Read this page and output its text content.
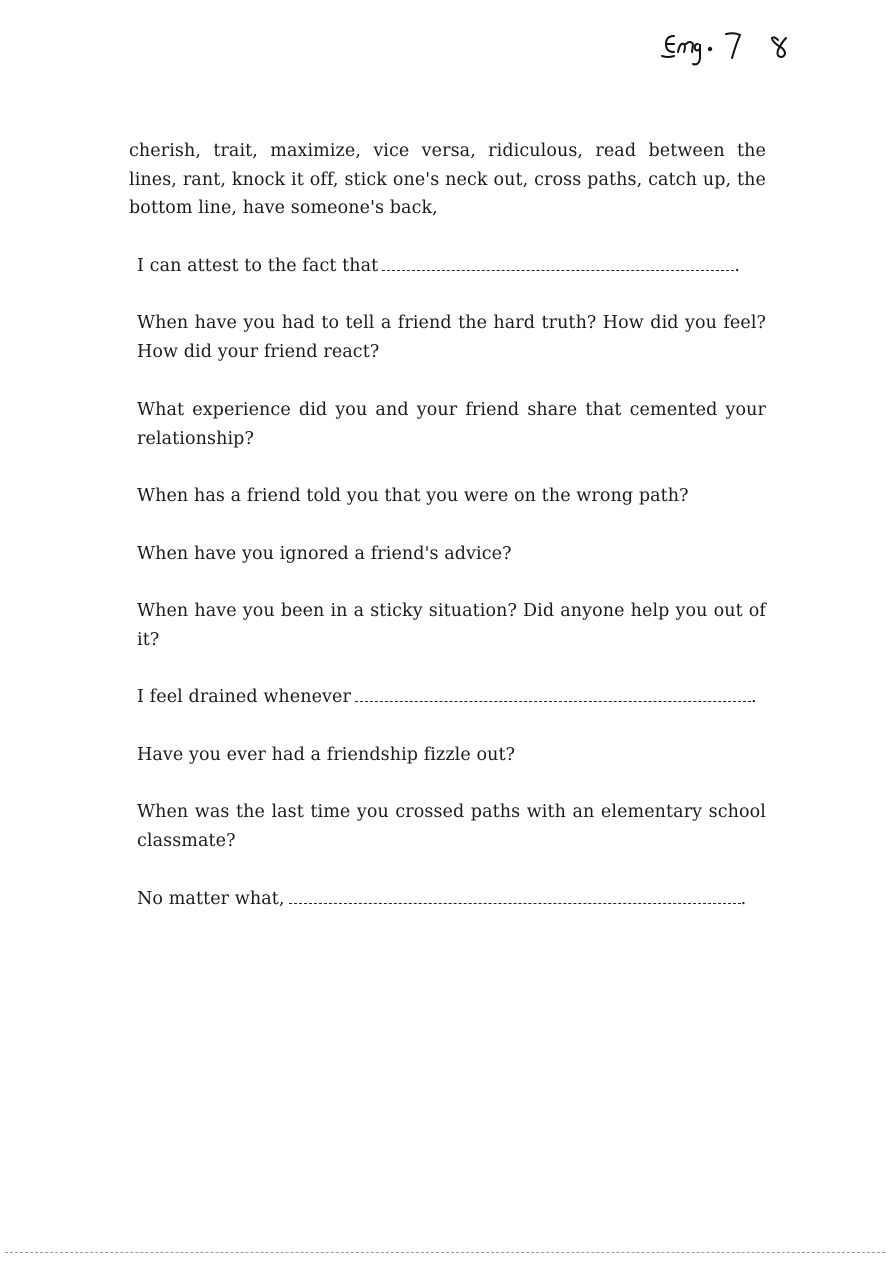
cherish, trait, maximize, vice versa, ridiculous, read between the lines, rant, knock it off, stick one's neck out, cross paths, catch up, the bottom line, have someone's back,
I can attest to the fact that	.
When have you had to tell a friend the hard truth? How did you feel? How did your friend react?
What experience did you and your friend share that cemented your relationship?
When has a friend told you that you were on the wrong path?
When have you ignored a friend's advice?
When have you been in a sticky situation? Did anyone help you out of it?
I feel drained whenever	.
Have you ever had a friendship fizzle out?
When was the last time you crossed paths with an elementary school classmate?
No matter what,	.
